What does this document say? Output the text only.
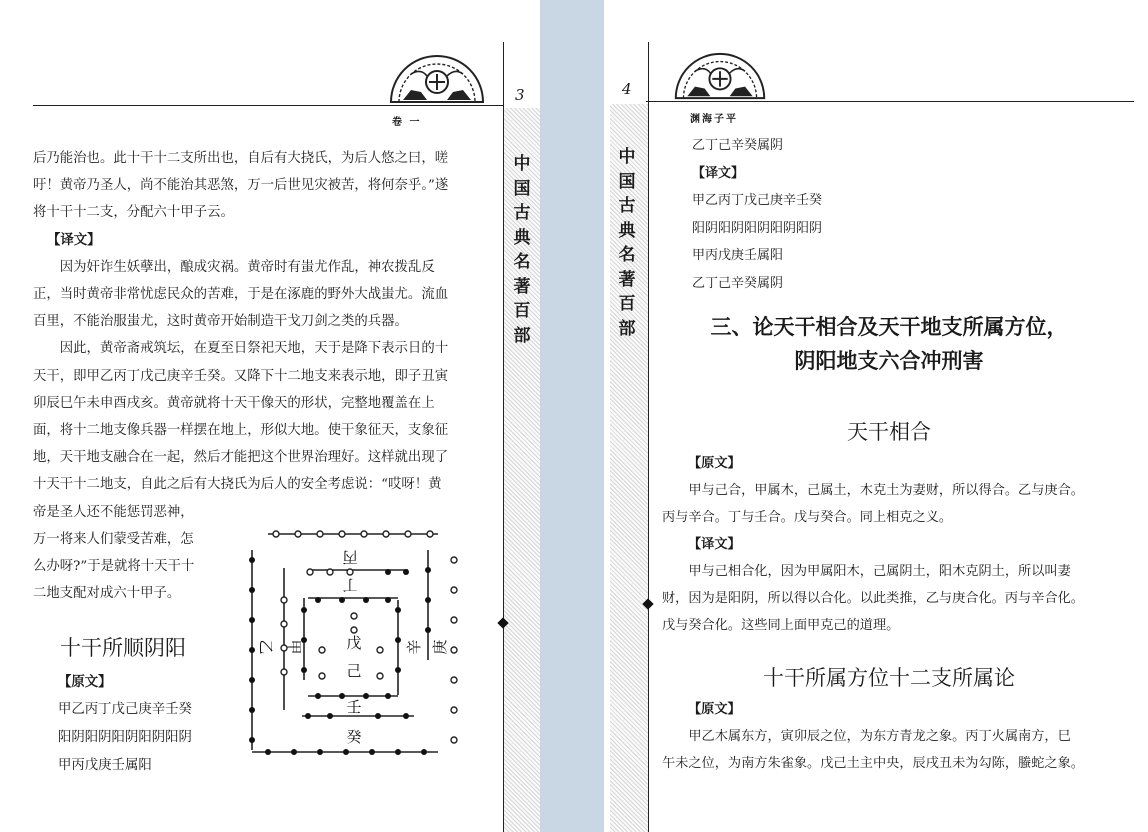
3
卷 一
中
国
古
典
名
著
百
部

后乃能治也。此十干十二支所出也，自后有大挠氏，为后人悠之曰，嗟

吁！黄帝乃圣人，尚不能治其恶煞，万一后世见灾被苦，将何奈乎。”遂

将十干十二支，分配六十甲子云。

【译文】

　　因为奸诈生妖孽出，酿成灾祸。黄帝时有蚩尤作乱，神农拨乱反

正，当时黄帝非常忧虑民众的苦难，于是在涿鹿的野外大战蚩尤。流血

百里，不能治服蚩尤，这时黄帝开始制造干戈刀剑之类的兵器。

　　因此，黄帝斋戒筑坛，在夏至日祭祀天地，天于是降下表示日的十

天干，即甲乙丙丁戊己庚辛壬癸。又降下十二地支来表示地，即子丑寅

卯辰巳午未申酉戌亥。黄帝就将十天干像天的形状，完整地覆盖在上

面，将十二地支像兵器一样摆在地上，形似大地。使干象征天，支象征

地，天干地支融合在一起，然后才能把这个世界治理好。这样就出现了

十天干十二地支，自此之后有大挠氏为后人的安全考虑说：“哎呀！黄

帝是圣人还不能惩罚恶神，

万一将来人们蒙受苦难，怎

么办呀?”于是就将十天干十

二地支配对成六十甲子。

十干所顺阴阳
【原文】
甲乙丙丁戊己庚辛壬癸
阳阴阳阴阳阴阳阴阳阴
甲丙戊庚壬属阳
丙
丁
戊
己
壬
癸
乙 甲	辛 庚
4
渊海子平
中
国
古
典
名
著
百
部
乙丁己辛癸属阴
【译文】
甲乙丙丁戊己庚辛壬癸
阳阴阳阴阳阴阳阴阳阴
甲丙戊庚壬属阳
乙丁己辛癸属阴
三、论天干相合及天干地支所属方位，
阴阳地支六合冲刑害
天干相合

【原文】

　　甲与己合，甲属木，己属土，木克土为妻财，所以得合。乙与庚合。

丙与辛合。丁与壬合。戊与癸合。同上相克之义。

【译文】

　　甲与己相合化，因为甲属阳木，己属阴土，阳木克阴土，所以叫妻

财，因为是阳阴，所以得以合化。以此类推，乙与庚合化。丙与辛合化。

戊与癸合化。这些同上面甲克己的道理。

十干所属方位十二支所属论

【原文】

　　甲乙木属东方，寅卯辰之位，为东方青龙之象。丙丁火属南方，巳

午未之位，为南方朱雀象。戊己土主中央，辰戌丑未为勾陈，螣蛇之象。
